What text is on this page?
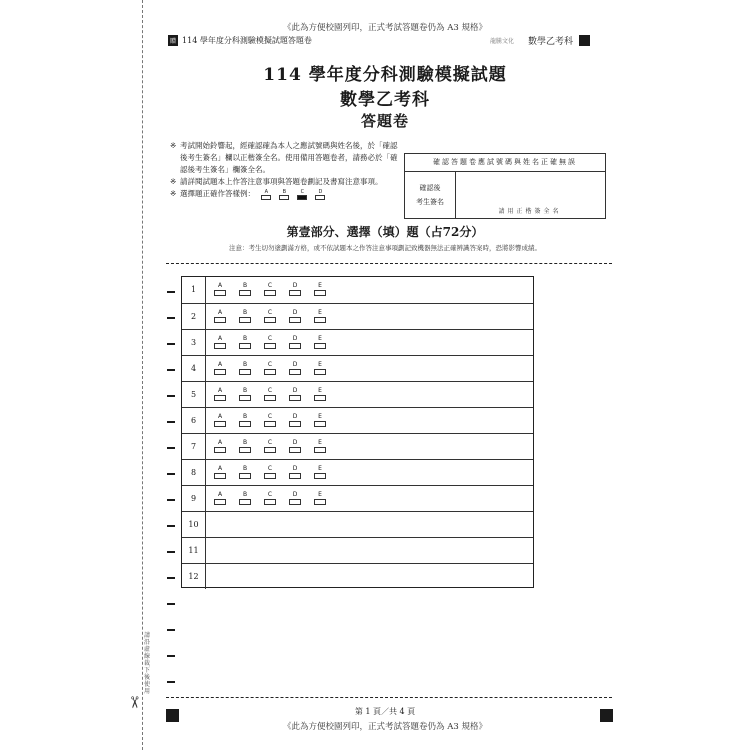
✂
請沿虛線裁下後使用
《此為方便校園列印，正式考試答題卷仍為 A3 規格》
贈 114 學年度分科測驗模擬試題答題卷	龍騰文化 數學乙考科
114 學年度分科測驗模擬試題
數學乙考科
答題卷
※ 考試開始鈴響起，經確認確為本人之應試號碼與姓名後，於「確認後考生簽名」欄以正楷簽全名。使用備用答題卷者，請務必於「確認後考生簽名」欄簽全名。
※ 請詳閱試題本上作答注意事項與答題卷劃記及書寫注意事項。
※ 選擇題正確作答樣例： A	B	C	D
確認答題卷應試號碼與姓名正確無誤
確認後
考生簽名
請用正楷簽全名
第壹部分、選擇（填）題（占72分）
注意：考生切勿塗劃滿方格，或不依試題本之作答注意事項劃記致機器無法正確辨識答案時，恐將影響成績。
1	A	B	C	D	E
2	A	B	C	D	E
3	A	B	C	D	E
4	A	B	C	D	E
5	A	B	C	D	E
6	A	B	C	D	E
7	A	B	C	D	E
8	A	B	C	D	E
9	A	B	C	D	E
10
11
12
第 1 頁／共 4 頁
《此為方便校園列印，正式考試答題卷仍為 A3 規格》
